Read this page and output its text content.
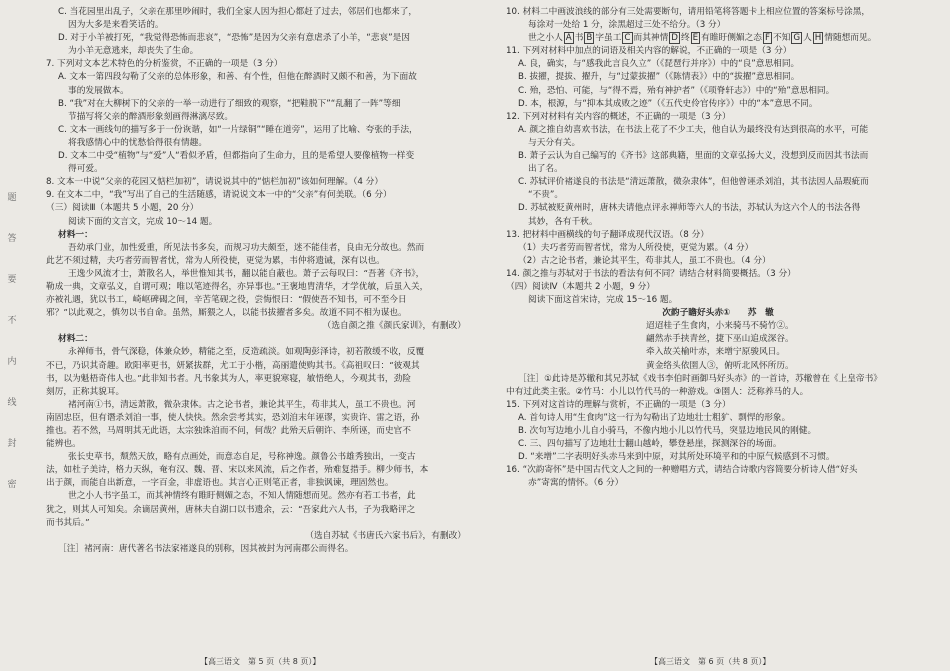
题
答
要
不
内
线
封
密

C. 当花园里出乱子，父亲在那里吵闹时，我们全家人因为担心都赶了过去，邻居们也都来了，

因为大多是来看笑话的。

D. 对于小羊被打死，“我觉得恐怖而悲哀”，“恐怖”是因为父亲有意虐杀了小羊，“悲哀”是因

为小羊无意逃来，却丧失了生命。

7. 下列对文本艺术特色的分析鉴赏，不正确的一项是（3 分）

A. 文本一第四段勾勒了父亲的总体形象，和善、有个性，但他在醉酒时又颇不和善，为下面故

事的发展做本。

B. “我”对在大柳树下的父亲的一举一动进行了细致的观察，“把鞋脱下”“乱翻了一阵”等细

节描写将父亲的醉酒形象刻画得淋漓尽致。

C. 文本一画线句的描写多于一份诙谐，如“一片绿铜”“睡在道旁”，运用了比喻、夸张的手法，

将我感情心中的忧愁恰得很有情趣。

D. 文本二中受“植物”与“爱”人“看似矛盾，但都指向了生命力，且的是希望人要像植物一样变

得可爱。

8. 文本一中说“父亲的花园又惦栏加初”，请说说其中的“惦栏加初”该如何理解。（4 分）

9. 在文本二中，“我”写出了自己的生活随感，请说说文本一中的“父亲”有何美联。（6 分）

（三）阅读Ⅲ（本题共 5 小题，20 分）

阅读下面的文言文，完成 10～14 题。

材料一：

吾幼承门业，加性爱重，所见法书多矣，而规习功夫颇至，迷不能佳者，良由无分故也。然而

此艺不须过精，夫巧者劳而智者忧，常为人所役使，更觉为累，韦仲将遗诫，深有以也。

王逸少风流才士，萧散名人，举世惟知其书，翻以能自蔽也。萧子云每叹曰：“吾著《齐书》，

勒成一典，文章弘义，自谓可观；唯以笔迹得名，亦异事也。”王褒地胄清华，才学优敏，后虽入关，

亦被礼遇，犹以书工，崎岖碑碣之间，辛苦笔砚之役，尝悔恨曰：“假使吾不知书，可不至今日

邪？”以此观之，慎勿以书自命。虽然，厮猥之人，以能书拔擢者多矣。故道不同不相为谋也。

（选自颜之推《颜氏家训》，有删改）

材料二：

永禅师书，骨气深稳，体兼众妙，精能之至，反造疏淡。如观陶彭泽诗，初若散缓不收，反覆

不已，乃识其奇趣。欧阳率更书，妍紧拔群，尤工于小楷，高丽遣使购其书。《高祖叹曰：“彼观其

书，以为魁梧奇伟人也。”此非知书者。凡书象其为人，率更貌寒寝，敏悟绝人，今观其书，劲险

刻厉，正称其貌耳。

褚河南①书，清远萧散，微杂隶体。古之论书者，兼论其平生，苟非其人，虽工不贵也。河

南固忠臣，但有谮杀刘洎一事，使人快快。然余尝考其实，恐刘洎末年诬谬，实贵许、雷之语，孙

推也。若不然，马周明其无此语，太宗独诛洎而不问，何哉？此殆天后朝许、李所诬，而史官不

能辨也。

张长史草书，颓然天放，略有点画处，而意态自足，号称神逸。颜鲁公书雄秀独出，一变古

法，如杜子美诗，格力天纵，奄有汉、魏、晋、宋以来风流，后之作者，殆难复措手。柳少师书，本

出于颜，而能自出新意，一字百金，非虚语也。其言心正则笔正者，非独讽谏，理固然也。

世之小人书字虽工，而其神情终有睢盱侧媚之态，不知人情随想而见。然亦有若工书者，此

犹之，则其人可知矣。余谪居黄州，唐林夫自湖口以书遗余，云：“吾家此六人书，子为我略评之

而书其后。”

（选自苏轼《书唐氏六家书后》，有删改）

［注］褚河南：唐代著名书法家褚遂良的别称，因其被封为河南郡公而得名。

10. 材料二中画波浪线的部分有三处需要断句，请用铅笔将答题卡上相应位置的答案标号涂黑，

每涂对一处给 1 分，涂黑超过三处不给分。（3 分）

世之小人 A 书 B 字虽工 C 而其神情 D 终 E 有睢盱侧媚之态 F 不知 G 人 H 情随想而见。

11. 下列对材料中加点的词语及相关内容的解说，不正确的一项是（3 分）

A. 良，确实，与“感我此言良久立”（《琵琶行并序》）中的“良”意思相同。

B. 拔擢，提拔、擢升，与“过蒙拔擢”（《陈情表》）中的“拔擢”意思相同。

C. 殆，恐怕、可能，与“得不焉，殆有神护者”（《项脊轩志》）中的“殆”意思相同。

D. 本，根源，与“抑本其成败之迹”（《五代史伶官传序》）中的“本”意思不同。

12. 下列对材料有关内容的概述，不正确的一项是（3 分）

A. 颜之推自幼喜欢书法，在书法上花了不少工夫，他自认为最终没有达到很高的水平，可能

与天分有关。

B. 萧子云认为自己编写的《齐书》这部典籍，里面的文章弘扬大义，没想到反而因其书法而

出了名。

C. 苏轼评价褚遂良的书法是“清远萧散，微杂隶体”，但他曾诬杀刘洎，其书法因人品瑕疵而

“不贵”。

D. 苏轼被贬黄州时，唐林夫请他点评永禅师等六人的书法，苏轼认为这六个人的书法各得

其妙，各有千秋。

13. 把材料中画横线的句子翻译成现代汉语。（8 分）

（1）夫巧者劳而智者忧，常为人所役使，更觉为累。（4 分）

（2）古之论书者，兼论其平生，苟非其人，虽工不贵也。（4 分）

14. 颜之推与苏轼对于书法的看法有何不同？请结合材料简要概括。（3 分）

（四）阅读Ⅳ（本题共 2 小题，9 分）

阅读下面这首宋诗，完成 15～16 题。

次韵子瞻好头赤①　　 苏　辙

迢迢桂子生食肉，小来骑马不骑竹②。

翩然赤手挟青丝，捷下巫山追成深谷。

牵入故关榆叶赤，来增宁原骏风日。

黄金络头依圉人③，俯听北风怀所历。

［注］①此诗是苏辙和其兄苏轼《戏书李伯时画御马好头赤》的一首诗，苏辙曾在《上皇帝书》

中有过此类主张。②竹马：小儿以竹代马的一种游戏。③圉人：泛称养马的人。

15. 下列对这首诗的理解与赏析，不正确的一项是（3 分）

A. 首句诗人用“生食肉”这一行为勾勒出了边地壮士粗犷、剽悍的形象。

B. 次句写边地小儿自小骑马，不像内地小儿以竹代马，突显边地民风的刚健。

C. 三、四句描写了边地壮士翻山越岭，攀登悬崖，探测深谷的场面。

D. “来增”二字表明好头赤马来到中原，对其所处环境平和的中原气候感到不习惯。

16. “次韵寄怀”是中国古代文人之间的一种赠唱方式，请结合诗歌内容简要分析诗人借“好头

赤”寄寓的情怀。（6 分）

【高三语文　第 5 页（共 8 页）】	【高三语文　第 6 页（共 8 页）】
